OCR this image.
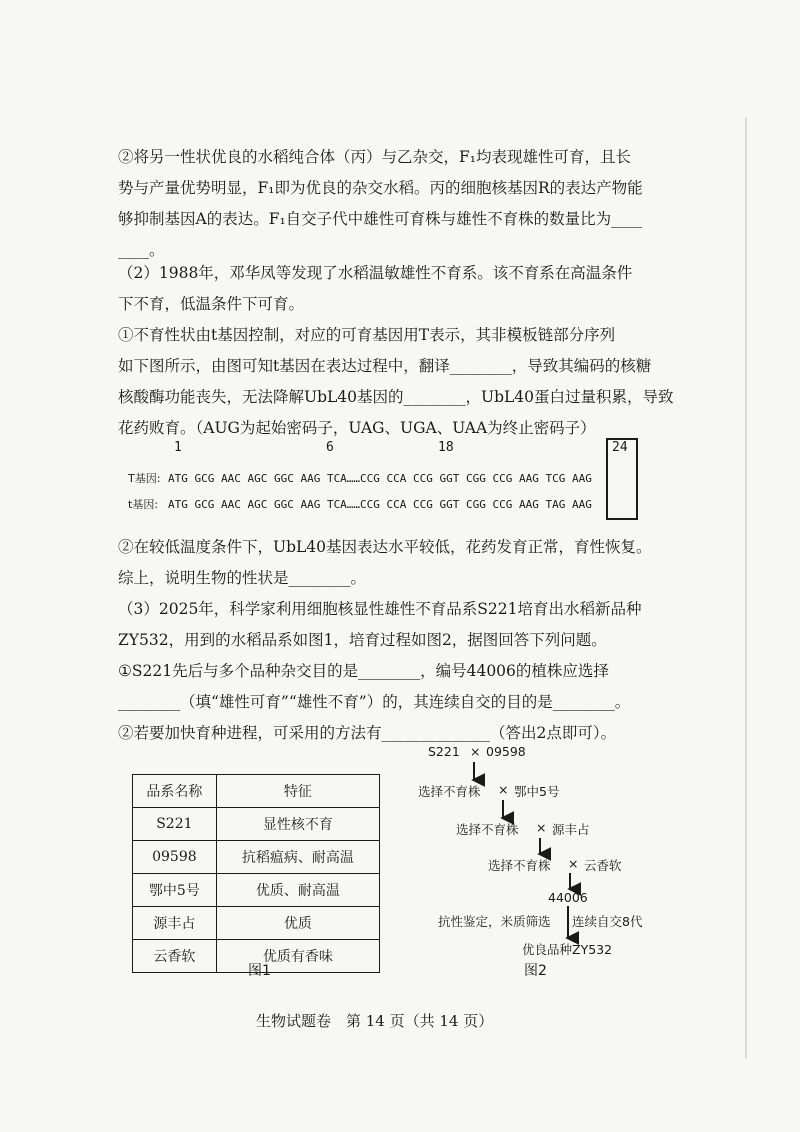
②将另一性状优良的水稻纯合体（丙）与乙杂交，F₁均表现雄性可育，且长
势与产量优势明显，F₁即为优良的杂交水稻。丙的细胞核基因R的表达产物能
够抑制基因A的表达。F₁自交子代中雄性可育株与雄性不育株的数量比为____
____。
（2）1988年，邓华凤等发现了水稻温敏雄性不育系。该不育系在高温条件
下不育，低温条件下可育。
①不育性状由t基因控制，对应的可育基因用T表示，其非模板链部分序列
如下图所示，由图可知t基因在表达过程中，翻译________，导致其编码的核糖
核酸酶功能丧失，无法降解UbL40基因的________，UbL40蛋白过量积累，导致
花药败育。（AUG为起始密码子，UAG、UGA、UAA为终止密码子）
1	6	18	24
T基因: ATG GCG AAC AGC GGC AAG TCA……CCG CCA CCG GGT CGG CCG AAG TCG AAG
t基因: ATG GCG AAC AGC GGC AAG TCA……CCG CCA CCG GGT CGG CCG AAG TAG AAG
②在较低温度条件下，UbL40基因表达水平较低，花药发育正常，育性恢复。
综上，说明生物的性状是________。
（3）2025年，科学家利用细胞核显性雄性不育品系S221培育出水稻新品种
ZY532，用到的水稻品系如图1，培育过程如图2，据图回答下列问题。
①S221先后与多个品种杂交目的是________，编号44006的植株应选择
________（填“雄性可育”“雄性不育”）的，其连续自交的目的是________。
②若要加快育种进程，可采用的方法有______________（答出2点即可）。
品系名称	特征
S221	显性核不育
09598	抗稻瘟病、耐高温
鄂中5号	优质、耐高温
源丰占	优质
云香软	优质有香味
图1
S221 × 09598
选择不育株 × 鄂中5号
选择不育株 × 源丰占
选择不育株 × 云香软
44006
抗性鉴定，米质筛选 连续自交8代
优良品种ZY532
图2
生物试题卷　第 14 页（共 14 页）
